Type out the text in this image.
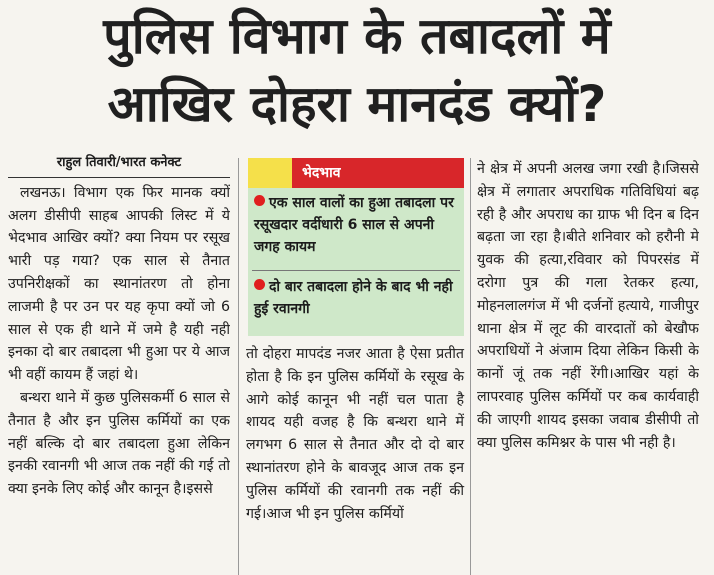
पुलिस विभाग के तबादलों में
आखिर दोहरा मानदंड क्यों?
राहुल तिवारी/भारत कनेक्ट

लखनऊ। विभाग एक फिर मानक क्यों अलग डीसीपी साहब आपकी लिस्ट में ये भेदभाव आखिर क्यों? क्या नियम पर रसूख भारी पड़ गया? एक साल से तैनात उपनिरीक्षकों का स्थानांतरण तो होना लाजमी है पर उन पर यह कृपा क्यों जो 6 साल से एक ही थाने में जमे है यही नही इनका दो बार तबादला भी हुआ पर ये आज भी वहीं कायम हैं जहां थे।

बन्थरा थाने में कुछ पुलिसकर्मी 6 साल से तैनात है और इन पुलिस कर्मियों का एक नहीं बल्कि दो बार तबादला हुआ लेकिन इनकी रवानगी भी आज तक नहीं की गई तो क्या इनके लिए कोई और कानून है।इससे

भेदभाव
एक साल वालों का हुआ तबादला पर रसूखदार वर्दीधारी 6 साल से अपनी जगह कायम
दो बार तबादला होने के बाद भी नही हुई रवानगी

तो दोहरा मापदंड नजर आता है ऐसा प्रतीत होता है कि इन पुलिस कर्मियों के रसूख के आगे कोई कानून भी नहीं चल पाता है शायद यही वजह है कि बन्थरा थाने में लगभग 6 साल से तैनात और दो दो बार स्थानांतरण होने के बावजूद आज तक इन पुलिस कर्मियों की रवानगी तक नहीं की गई।आज भी इन पुलिस कर्मियों

ने क्षेत्र में अपनी अलख जगा रखी है।जिससे क्षेत्र में लगातार अपराधिक गतिविधियां बढ़ रही है और अपराध का ग्राफ भी दिन ब दिन बढ़ता जा रहा है।बीते शनिवार को हरौनी मे युवक की हत्या,रविवार को पिपरसंड में दरोगा पुत्र की गला रेतकर हत्या, मोहनलालगंज में भी दर्जनों हत्याये, गाजीपुर थाना क्षेत्र में लूट की वारदातों को बेखौफ अपराधियों ने अंजाम दिया लेकिन किसी के कानों जूं तक नहीं रेंगी।आखिर यहां के लापरवाह पुलिस कर्मियों पर कब कार्यवाही की जाएगी शायद इसका जवाब डीसीपी तो क्या पुलिस कमिश्नर के पास भी नही है।
